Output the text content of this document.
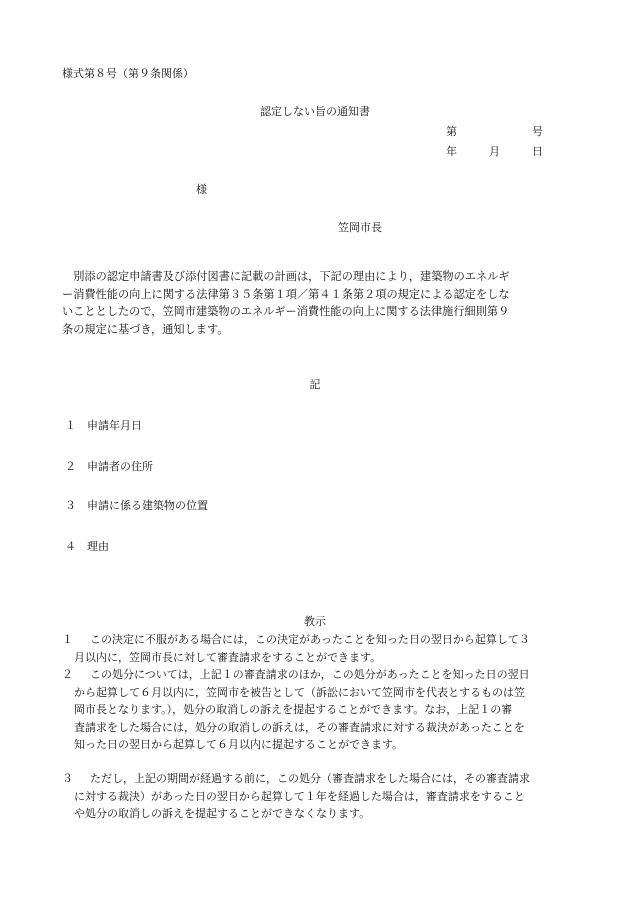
様式第８号（第９条関係）
認定しない旨の通知書
第	号
年	月	日
様
笠岡市長
別添の認定申請書及び添付図書に記載の計画は，下記の理由により，建築物のエネルギ
ー消費性能の向上に関する法律第３５条第１項／第４１条第２項の規定による認定をしな
いこととしたので，笠岡市建築物のエネルギー消費性能の向上に関する法律施行細則第９
条の規定に基づき，通知します。
記
１ 申請年月日
２ 申請者の住所
３ 申請に係る建築物の位置
４ 理由
教示
１	この決定に不服がある場合には，この決定があったことを知った日の翌日から起算して３
月以内に，笠岡市長に対して審査請求をすることができます。
２	この処分については，上記１の審査請求のほか，この処分があったことを知った日の翌日
から起算して６月以内に，笠岡市を被告として（訴訟において笠岡市を代表とするものは笠
岡市長となります。），処分の取消しの訴えを提起することができます。なお，上記１の審
査請求をした場合には，処分の取消しの訴えは，その審査請求に対する裁決があったことを
知った日の翌日から起算して６月以内に提起することができます。
３	ただし，上記の期間が経過する前に，この処分（審査請求をした場合には，その審査請求
に対する裁決）があった日の翌日から起算して１年を経過した場合は，審査請求をすること
や処分の取消しの訴えを提起することができなくなります。
